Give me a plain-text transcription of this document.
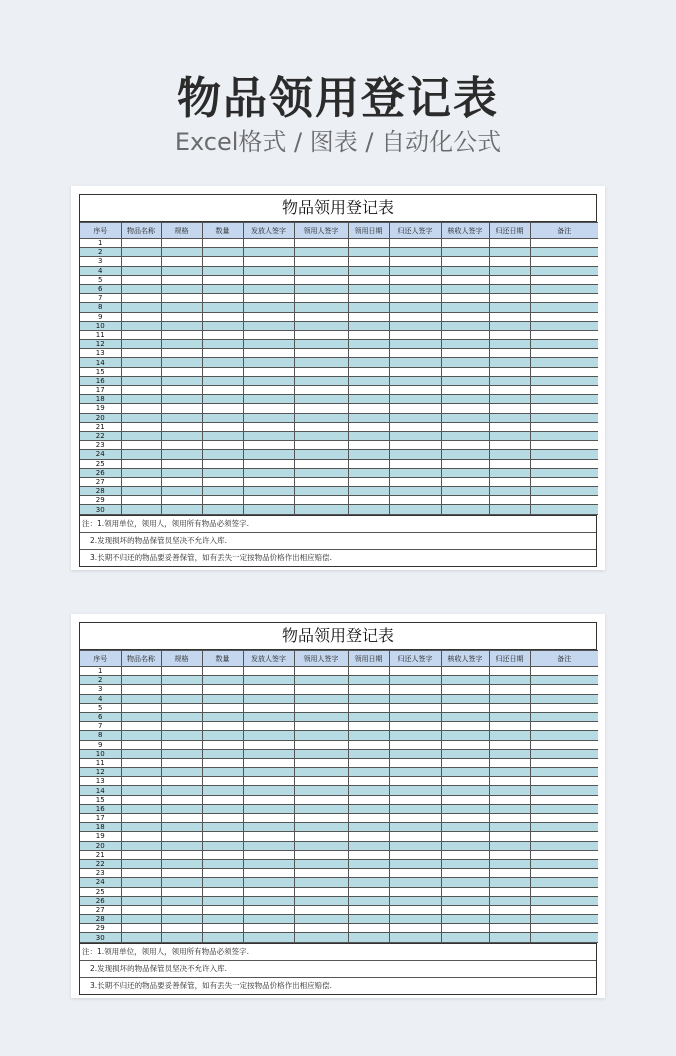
物品领用登记表
Excel格式 / 图表 / 自动化公式
物品领用登记表
序号	物品名称	规格	数量	发放人签字	领用人签字	领用日期	归还人签字	核收人签字	归还日期	备注
1										
2										
3										
4										
5										
6										
7										
8										
9										
10										
11										
12										
13										
14										
15										
16										
17										
18										
19										
20										
21										
22										
23										
24										
25										
26										
27										
28										
29										
30										
注：1.领用单位，领用人，领用所有物品必须签字.
2.发现损坏的物品保管员坚决不允许入库.
3.长期不归还的物品要妥善保管，如有丢失一定按物品价格作出相应赔偿.
物品领用登记表
序号	物品名称	规格	数量	发放人签字	领用人签字	领用日期	归还人签字	核收人签字	归还日期	备注
1										
2										
3										
4										
5										
6										
7										
8										
9										
10										
11										
12										
13										
14										
15										
16										
17										
18										
19										
20										
21										
22										
23										
24										
25										
26										
27										
28										
29										
30										
注：1.领用单位，领用人，领用所有物品必须签字.
2.发现损坏的物品保管员坚决不允许入库.
3.长期不归还的物品要妥善保管，如有丢失一定按物品价格作出相应赔偿.
